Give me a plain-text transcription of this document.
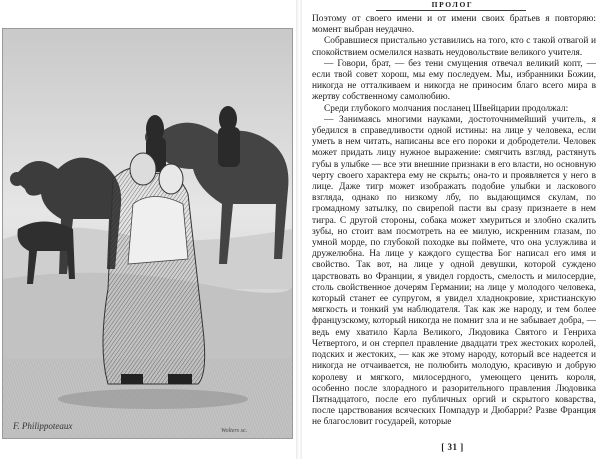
F. Philippoteaux	Wolters sc.
ПРОЛОГ

Поэтому от своего имени и от имени своих братьев я повторяю: момент выбран неудачно.

Собравшиеся пристально уставились на того, кто с такой отвагой и спокойствием осмелился назвать неудовольствие великого учителя.

— Говори, брат, — без тени смущения отвечал великий копт, — если твой совет хорош, мы ему последуем. Мы, избранники Божии, никогда не отталкиваем и никогда не приносим благо всего мира в жертву собственному самолюбию.

Среди глубокого молчания посланец Швейцарии продолжал:

— Занимаясь многими науками, достоточнимейший учитель, я убедился в справедливости одной истины: на лице у человека, если уметь в нем читать, написаны все его пороки и добродетели. Человек может придать лицу нужное выражение: смягчить взгляд, растянуть губы в улыбке — все эти внешние признаки в его власти, но основную черту своего характера ему не скрыть; она-то и проявляется у него в лице. Даже тигр может изображать подобие улыбки и ласкового взгляда, однако по низкому лбу, по выдающимся скулам, по громадному затылку, по свирепой пасти вы сразу признаете в нем тигра. С другой стороны, собака может хмуриться и злобно скалить зубы, но стоит вам посмотреть на ее милую, искренним глазам, по умной морде, по глубокой походке вы поймете, что она услужлива и дружелюбна. На лице у каждого существа Бог написал его имя и свойство. Так вот, на лице у одной девушки, которой суждено царствовать во Франции, я увидел гордость, смелость и милосердие, столь свойственное дочерям Германии; на лице у молодого человека, который станет ее супругом, я увидел хладнокровие, христианскую мягкость и тонкий ум наблюдателя. Так как же народу, и тем более французскому, который никогда не помнит зла и не забывает добра, — ведь ему хватило Карла Великого, Людовика Святого и Генриха Четвертого, и он стерпел правление двадцати трех жестоких королей, подских и жестоких, — как же этому народу, который все надеется и никогда не отчаивается, не полюбить молодую, красивую и добрую королеву и мягкого, милосердного, умеющего ценить короля, особенно после злорадного и разорительного правления Людовика Пятнадцатого, после его публичных оргий и скрытого коварства, после царствования всяческих Помпадур и Дюбарри? Разве Франция не благословит государей, которые

[ 31 ]
